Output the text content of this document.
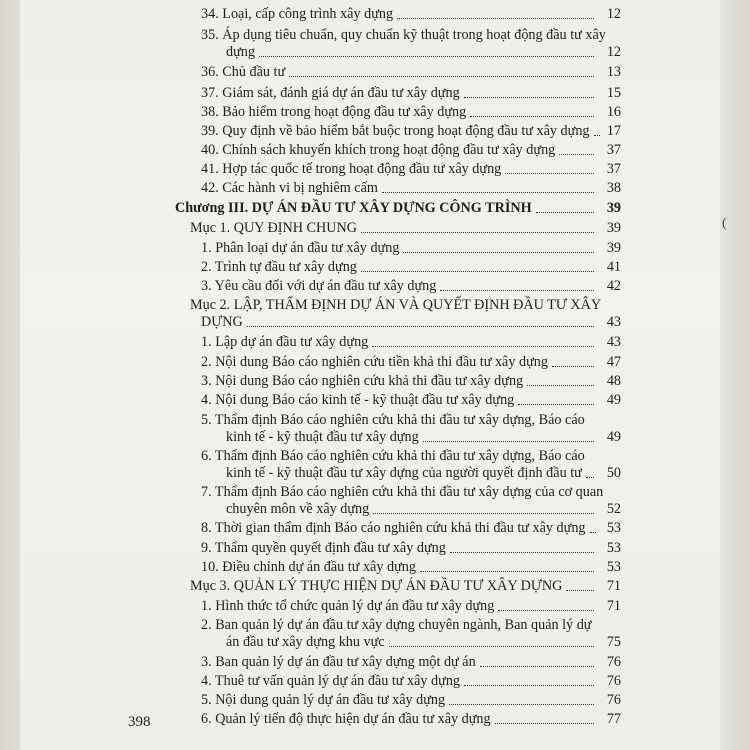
34. Loại, cấp công trình xây dựng	12
35. Áp dụng tiêu chuẩn, quy chuẩn kỹ thuật trong hoạt động đầu tư xây
dựng	12
36. Chủ đầu tư	13
37. Giám sát, đánh giá dự án đầu tư xây dựng	15
38. Bảo hiểm trong hoạt động đầu tư xây dựng	16
39. Quy định về bảo hiểm bắt buộc trong hoạt động đầu tư xây dựng	17
40. Chính sách khuyến khích trong hoạt động đầu tư xây dựng	37
41. Hợp tác quốc tế trong hoạt động đầu tư xây dựng	37
42. Các hành vi bị nghiêm cấm	38
Chương III. DỰ ÁN ĐẦU TƯ XÂY DỰNG CÔNG TRÌNH	39
Mục 1. QUY ĐỊNH CHUNG	39
1. Phân loại dự án đầu tư xây dựng	39
2. Trình tự đầu tư xây dựng	41
3. Yêu cầu đối với dự án đầu tư xây dựng	42
Mục 2. LẬP, THẨM ĐỊNH DỰ ÁN VÀ QUYẾT ĐỊNH ĐẦU TƯ XÂY
DỰNG	43
1. Lập dự án đầu tư xây dựng	43
2. Nội dung Báo cáo nghiên cứu tiền khả thi đầu tư xây dựng	47
3. Nội dung Báo cáo nghiên cứu khả thi đầu tư xây dựng	48
4. Nội dung Báo cáo kinh tế - kỹ thuật đầu tư xây dựng	49
5. Thẩm định Báo cáo nghiên cứu khả thi đầu tư xây dựng, Báo cáo
kinh tế - kỹ thuật đầu tư xây dựng	49
6. Thẩm định Báo cáo nghiên cứu khả thi đầu tư xây dựng, Báo cáo
kinh tế - kỹ thuật đầu tư xây dựng của người quyết định đầu tư	50
7. Thẩm định Báo cáo nghiên cứu khả thi đầu tư xây dựng của cơ quan
chuyên môn về xây dựng	52
8. Thời gian thẩm định Báo cáo nghiên cứu khả thi đầu tư xây dựng	53
9. Thẩm quyền quyết định đầu tư xây dựng	53
10. Điều chỉnh dự án đầu tư xây dựng	53
Mục 3. QUẢN LÝ THỰC HIỆN DỰ ÁN ĐẦU TƯ XÂY DỰNG	71
1. Hình thức tổ chức quản lý dự án đầu tư xây dựng	71
2. Ban quản lý dự án đầu tư xây dựng chuyên ngành, Ban quản lý dự
án đầu tư xây dựng khu vực	75
3. Ban quản lý dự án đầu tư xây dựng một dự án	76
4. Thuê tư vấn quản lý dự án đầu tư xây dựng	76
5. Nội dung quản lý dự án đầu tư xây dựng	76
6. Quản lý tiến độ thực hiện dự án đầu tư xây dựng	77
398
(
